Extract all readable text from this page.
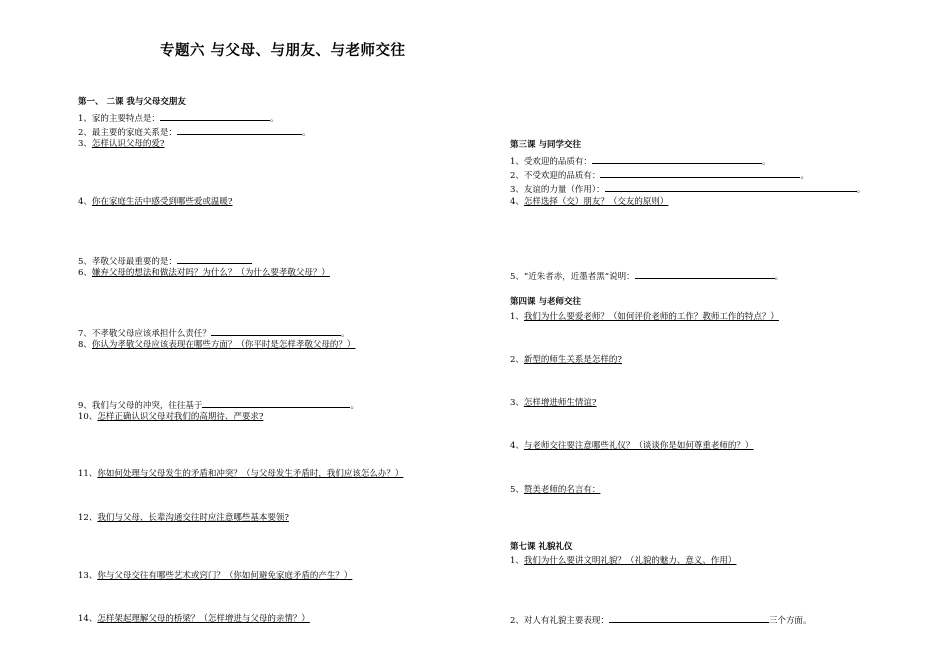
专题六 与父母、与朋友、与老师交往
第一、 二课 我与父母交朋友
1、家的主要特点是：	。
2、最主要的家庭关系是：	。
3、怎样认识父母的爱?
4、你在家庭生活中感受到哪些爱或温暖?
5、孝敬父母最重要的是：
6、嫌弃父母的想法和做法对吗？为什么？（为什么要孝敬父母？）
7、不孝敬父母应该承担什么责任？	。
8、你认为孝敬父母应该表现在哪些方面？（你平时是怎样孝敬父母的？）
9、我们与父母的冲突，往往基于	。
10、怎样正确认识父母对我们的高期待、严要求?
11、你如何处理与父母发生的矛盾和冲突？（与父母发生矛盾时，我们应该怎么办？）
12、我们与父母、长辈沟通交往时应注意哪些基本要领?
13、你与父母交往有哪些艺术或窍门？（你如何避免家庭矛盾的产生？）
14、怎样架起理解父母的桥梁？（怎样增进与父母的亲情？）
第三课 与同学交往
1、受欢迎的品质有：	。
2、不受欢迎的品质有：	。
3、友谊的力量（作用）：	。
4、怎样选择（交）朋友？（交友的原则）
5、“近朱者赤，近墨者黑”说明：	。
第四课 与老师交往
1、我们为什么要爱老师？（如何评价老师的工作？教师工作的特点？）
2、新型的师生关系是怎样的?
3、怎样增进师生情谊?
4、与老师交往要注意哪些礼仪？（谈谈你是如何尊重老师的？）
5、赞美老师的名言有：
第七课 礼貌礼仪
1、我们为什么要讲文明礼貌？（礼貌的魅力、意义、作用）
2、对人有礼貌主要表现：	三个方面。
